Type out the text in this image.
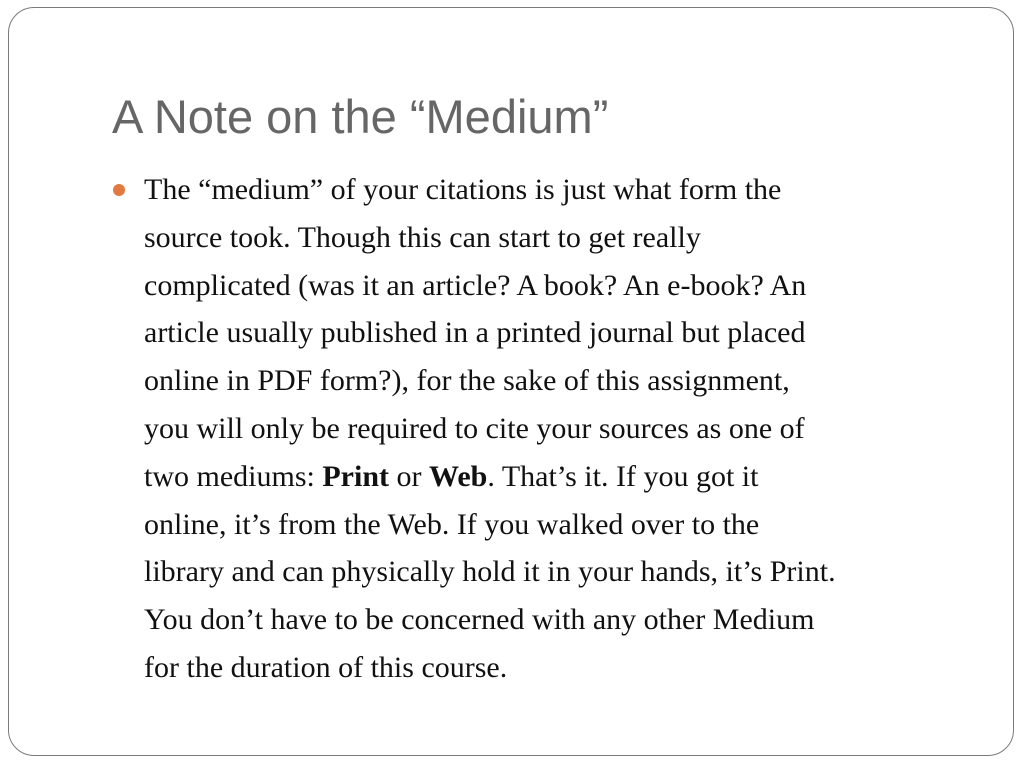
A Note on the “Medium”

The “medium” of your citations is just what form the
source took. Though this can start to get really
complicated (was it an article? A book? An e-book? An
article usually published in a printed journal but placed
online in PDF form?), for the sake of this assignment,
you will only be required to cite your sources as one of
two mediums: Print or Web. That’s it. If you got it
online, it’s from the Web. If you walked over to the
library and can physically hold it in your hands, it’s Print.
You don’t have to be concerned with any other Medium
for the duration of this course.
